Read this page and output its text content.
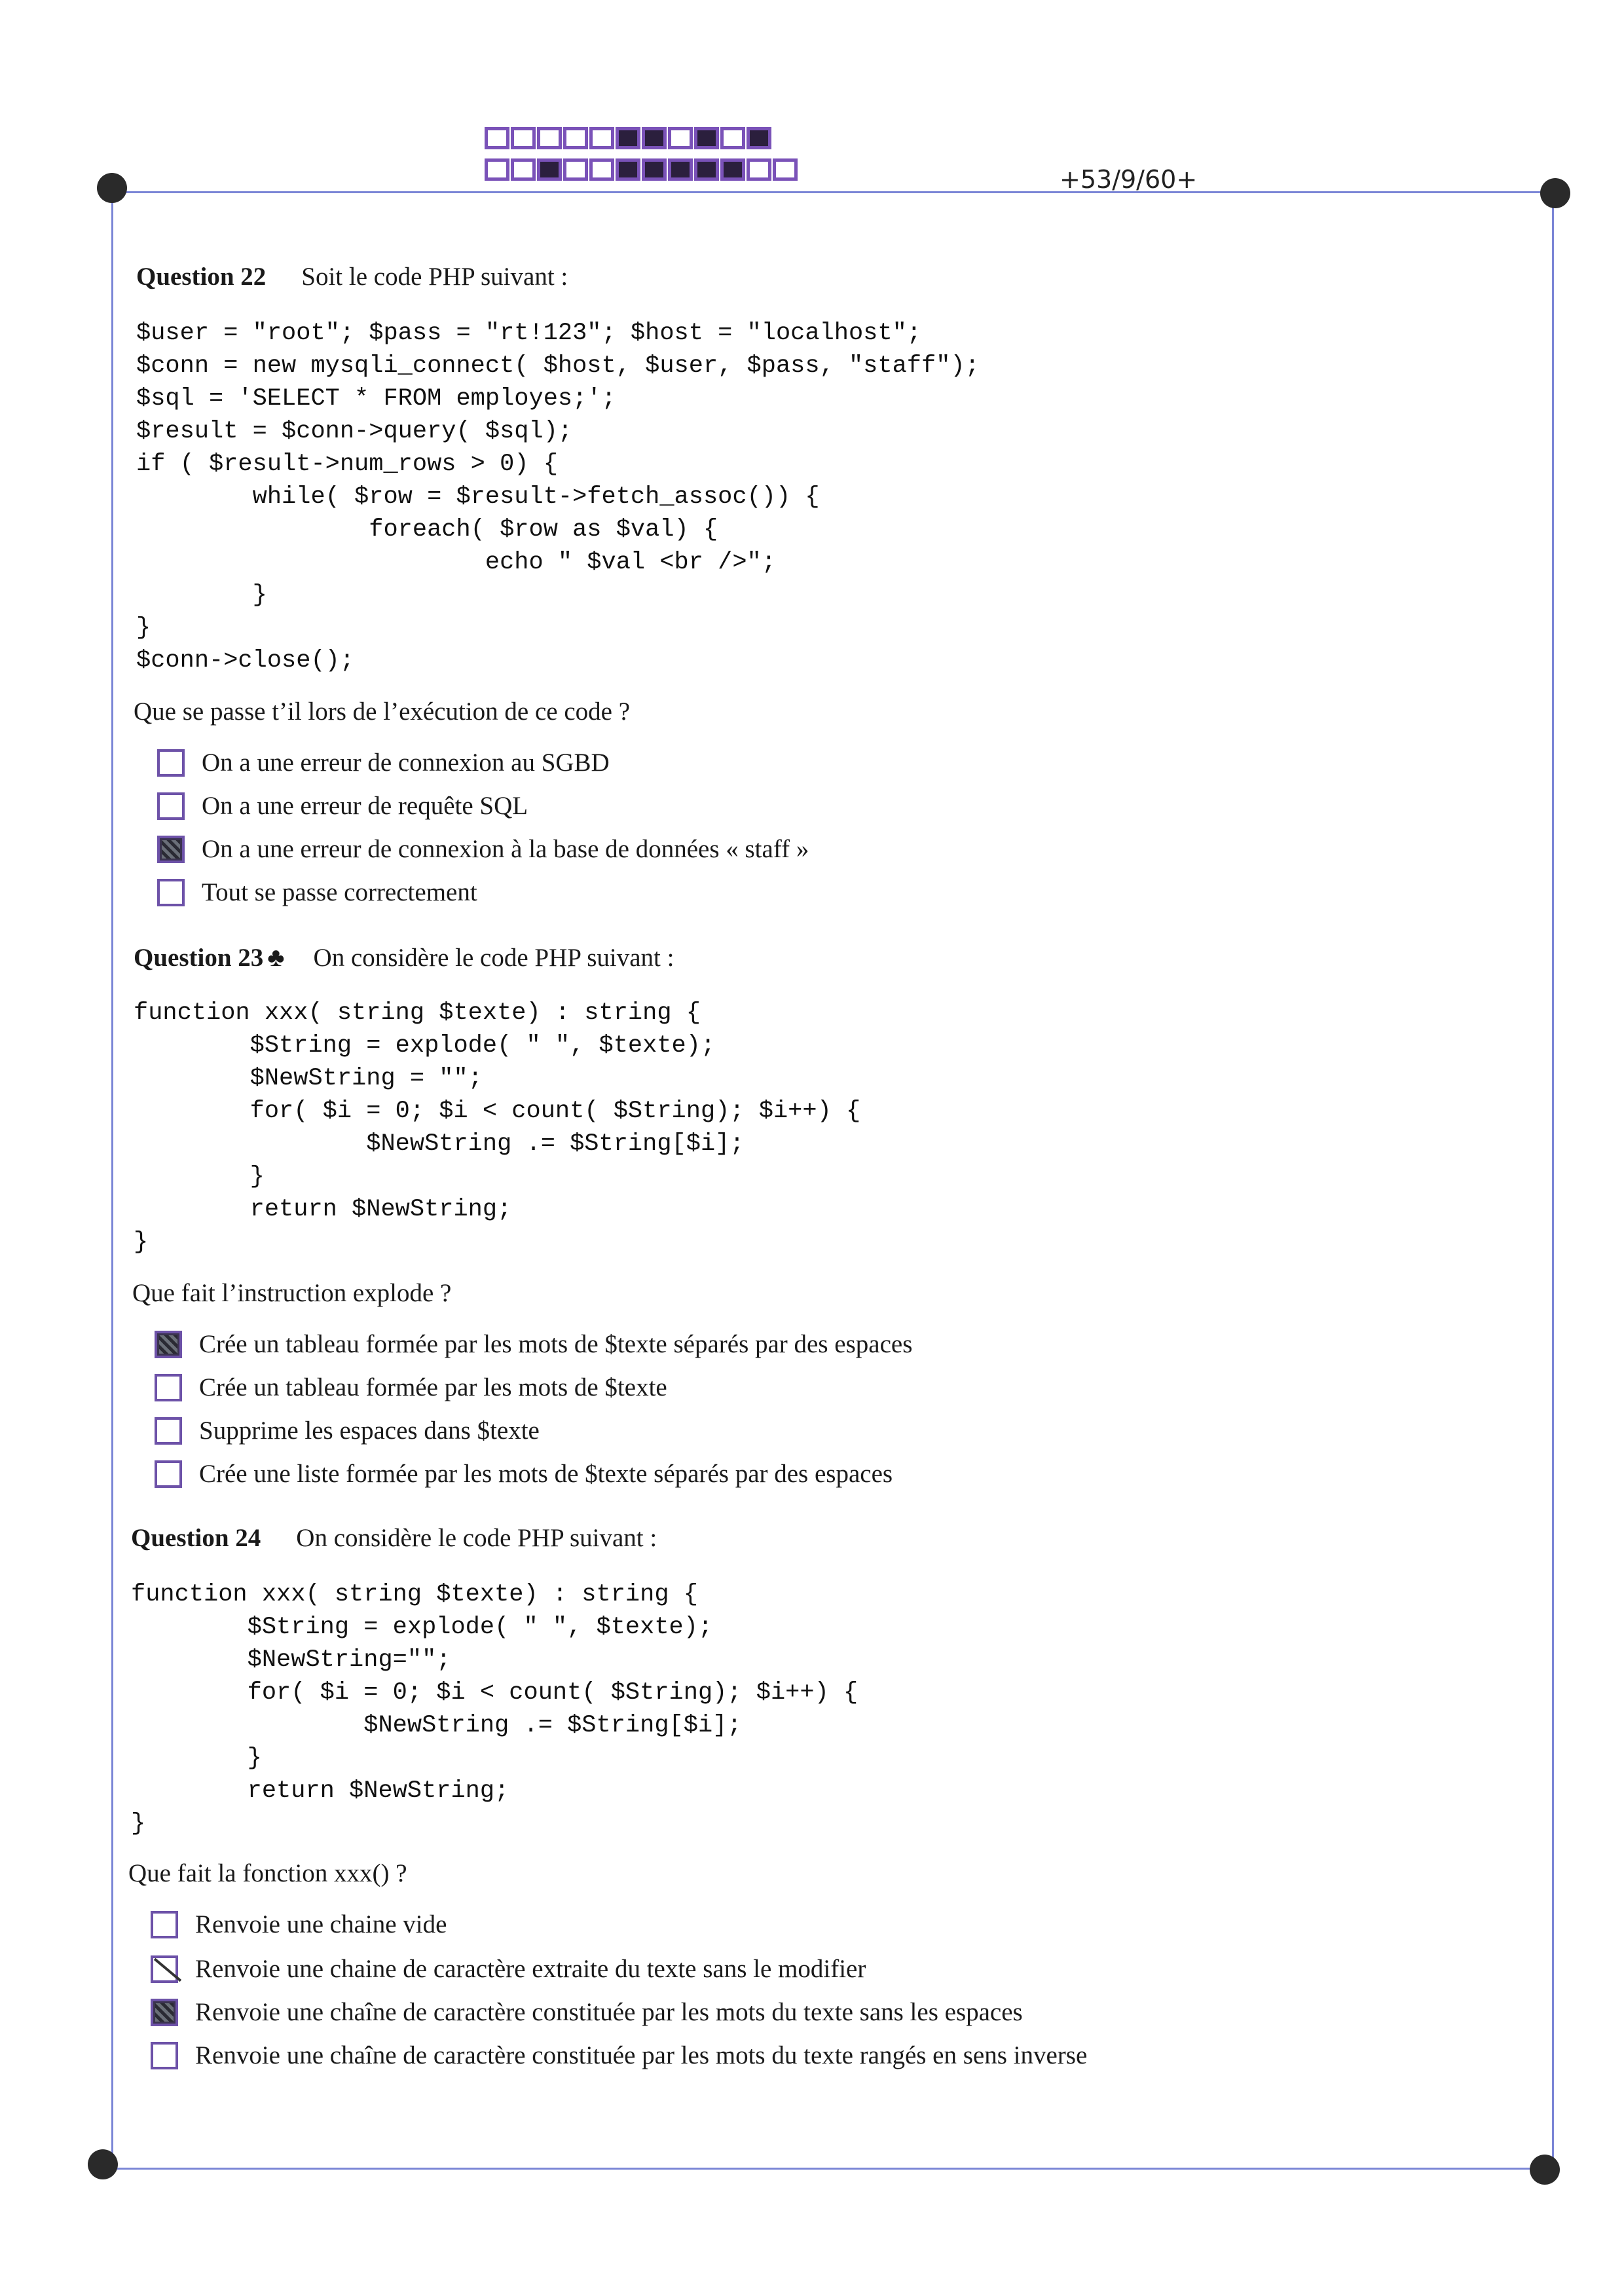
+53/9/60+
Question 22 Soit le code PHP suivant :
$user = "root"; $pass = "rt!123"; $host = "localhost";
$conn = new mysqli_connect( $host, $user, $pass, "staff");
$sql = 'SELECT * FROM employes;';
$result = $conn->query( $sql);
if ( $result->num_rows > 0) {
while( $row = $result->fetch_assoc()) {
foreach( $row as $val) {
echo " $val <br />";
}
}
$conn->close();
Que se passe t’il lors de l’exécution de ce code ?
On a une erreur de connexion au SGBD
On a une erreur de requête SQL
On a une erreur de connexion à la base de données « staff »
Tout se passe correctement
Question 23 ♣ On considère le code PHP suivant :
function xxx( string $texte) : string {
$String = explode( " ", $texte);
$NewString = "";
for( $i = 0; $i < count( $String); $i++) {
$NewString .= $String[$i];
}
return $NewString;
}
Que fait l’instruction explode ?
Crée un tableau formée par les mots de $texte séparés par des espaces
Crée un tableau formée par les mots de $texte
Supprime les espaces dans $texte
Crée une liste formée par les mots de $texte séparés par des espaces
Question 24 On considère le code PHP suivant :
function xxx( string $texte) : string {
$String = explode( " ", $texte);
$NewString="";
for( $i = 0; $i < count( $String); $i++) {
$NewString .= $String[$i];
}
return $NewString;
}
Que fait la fonction xxx() ?
Renvoie une chaine vide
Renvoie une chaine de caractère extraite du texte sans le modifier
Renvoie une chaîne de caractère constituée par les mots du texte sans les espaces
Renvoie une chaîne de caractère constituée par les mots du texte rangés en sens inverse
